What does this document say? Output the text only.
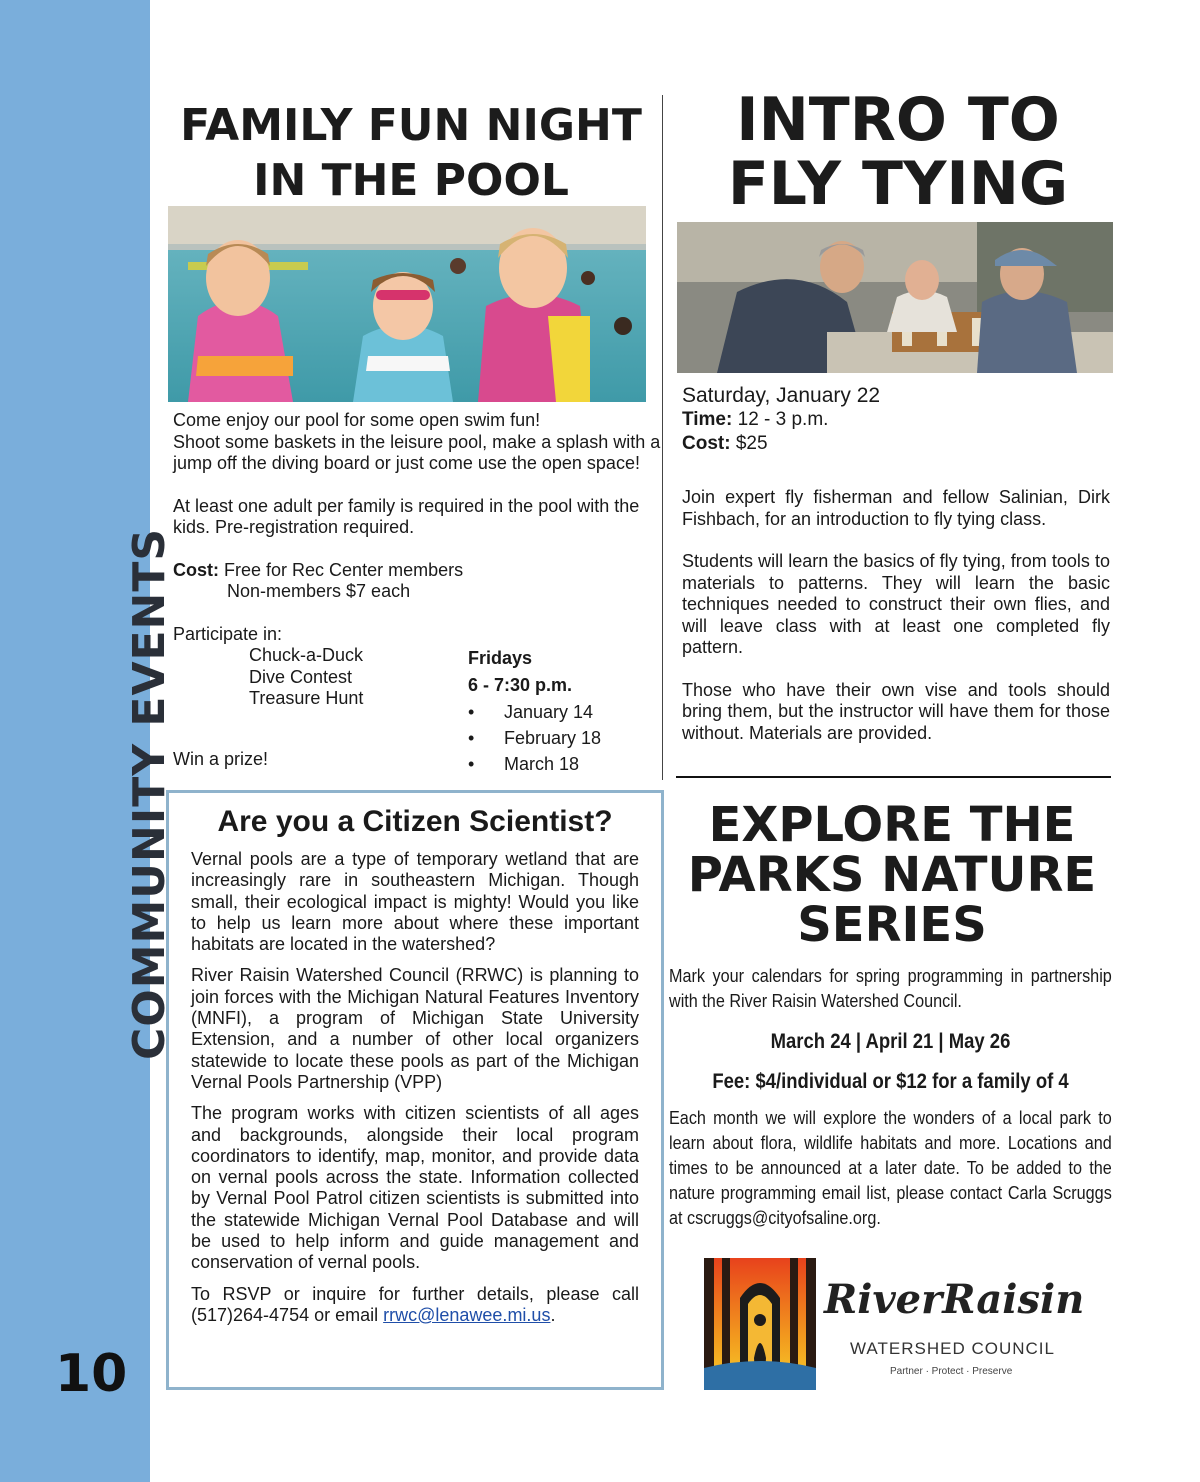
COMMUNITY EVENTS
10
FAMILY FUN NIGHT
IN THE POOL

Come enjoy our pool for some open swim fun!
Shoot some baskets in the leisure pool, make a splash with a jump off the diving board or just come use the open space!

At least one adult per family is required in the pool with the kids. Pre-registration required.

Cost: Free for Rec Center members
Non-members $7 each

Participate in:
Chuck-a-Duck
Dive Contest
Treasure Hunt
Fridays
6 - 7:30 p.m.
• January 14
• February 18
• March 18
Win a prize!
INTRO TO
FLY TYING
Saturday, January 22
Time: 12 - 3 p.m.
Cost: $25

Join expert fly fisherman and fellow Salinian, Dirk Fishbach, for an introduction to fly tying class.

Students will learn the basics of fly tying, from tools to materials to patterns. They will learn the basic techniques needed to construct their own flies, and will leave class with at least one completed fly pattern.

Those who have their own vise and tools should bring them, but the instructor will have them for those without. Materials are provided.

Are you a Citizen Scientist?

Vernal pools are a type of temporary wetland that are increasingly rare in southeastern Michigan. Though small, their ecological impact is mighty! Would you like to help us learn more about where these important habitats are located in the watershed?

River Raisin Watershed Council (RRWC) is planning to join forces with the Michigan Natural Features Inventory (MNFI), a program of Michigan State University Extension, and a number of other local organizers statewide to locate these pools as part of the Michigan Vernal Pools Partnership (VPP)

The program works with citizen scientists of all ages and backgrounds, alongside their local program coordinators to identify, map, monitor, and provide data on vernal pools across the state. Information collected by Vernal Pool Patrol citizen scientists is submitted into the statewide Michigan Vernal Pool Database and will be used to help inform and guide management and conservation of vernal pools.

To RSVP or inquire for further details, please call (517)264-4754 or email rrwc@lenawee.mi.us.

EXPLORE THE
PARKS NATURE
SERIES

Mark your calendars for spring programming in partnership with the River Raisin Watershed Council.

March 24 | April 21 | May 26

Fee: $4/individual or $12 for a family of 4

Each month we will explore the wonders of a local park to learn about flora, wildlife habitats and more. Locations and times to be announced at a later date. To be added to the nature programming email list, please contact Carla Scruggs at cscruggs@cityofsaline.org.

RiverRaisin
WATERSHED COUNCIL
Partner · Protect · Preserve
